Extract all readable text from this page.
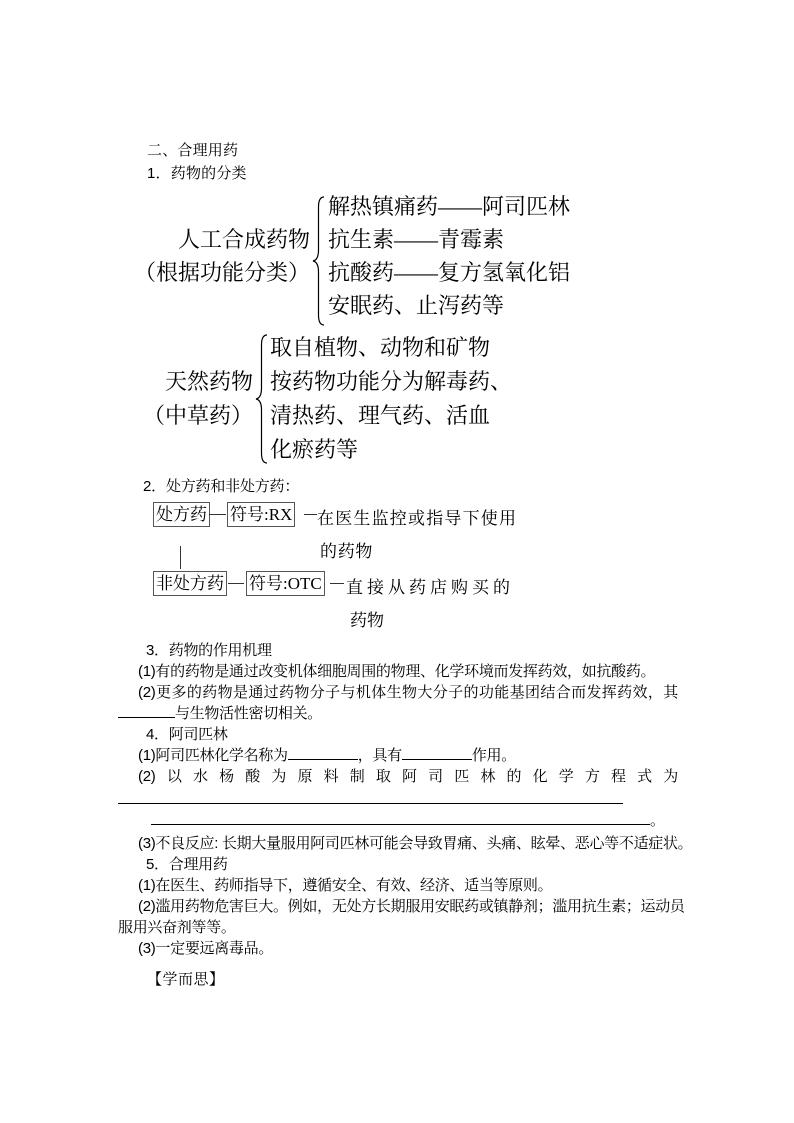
二、合理用药
1．药物的分类
人工合成药物
（根据功能分类）
解热镇痛药——阿司匹林
抗生素——青霉素
抗酸药——复方氢氧化铝
安眠药、止泻药等
天然药物
（中草药）
取自植物、动物和矿物
按药物功能分为解毒药、
清热药、理气药、活血
化瘀药等
2．处方药和非处方药：
处方药 符号:RX 在医生监控或指导下使用
的药物
非处方药 符号:OTC 直接从药店购买的
药物
3．药物的作用机理
(1)有的药物是通过改变机体细胞周围的物理、化学环境而发挥药效，如抗酸药。
(2)更多的药物是通过药物分子与机体生物大分子的功能基团结合而发挥药效，其
与生物活性密切相关。
4．阿司匹林
(1)阿司匹林化学名称为	，具有	作用。
(2)以水杨酸为原料制取阿司匹林的化学方程式为
。
(3)不良反应: 长期大量服用阿司匹林可能会导致胃痛、头痛、眩晕、恶心等不适症状。
5．合理用药
(1)在医生、药师指导下，遵循安全、有效、经济、适当等原则。
(2)滥用药物危害巨大。例如，无处方长期服用安眠药或镇静剂；滥用抗生素；运动员
服用兴奋剂等等。
(3)一定要远离毒品。
【学而思】
